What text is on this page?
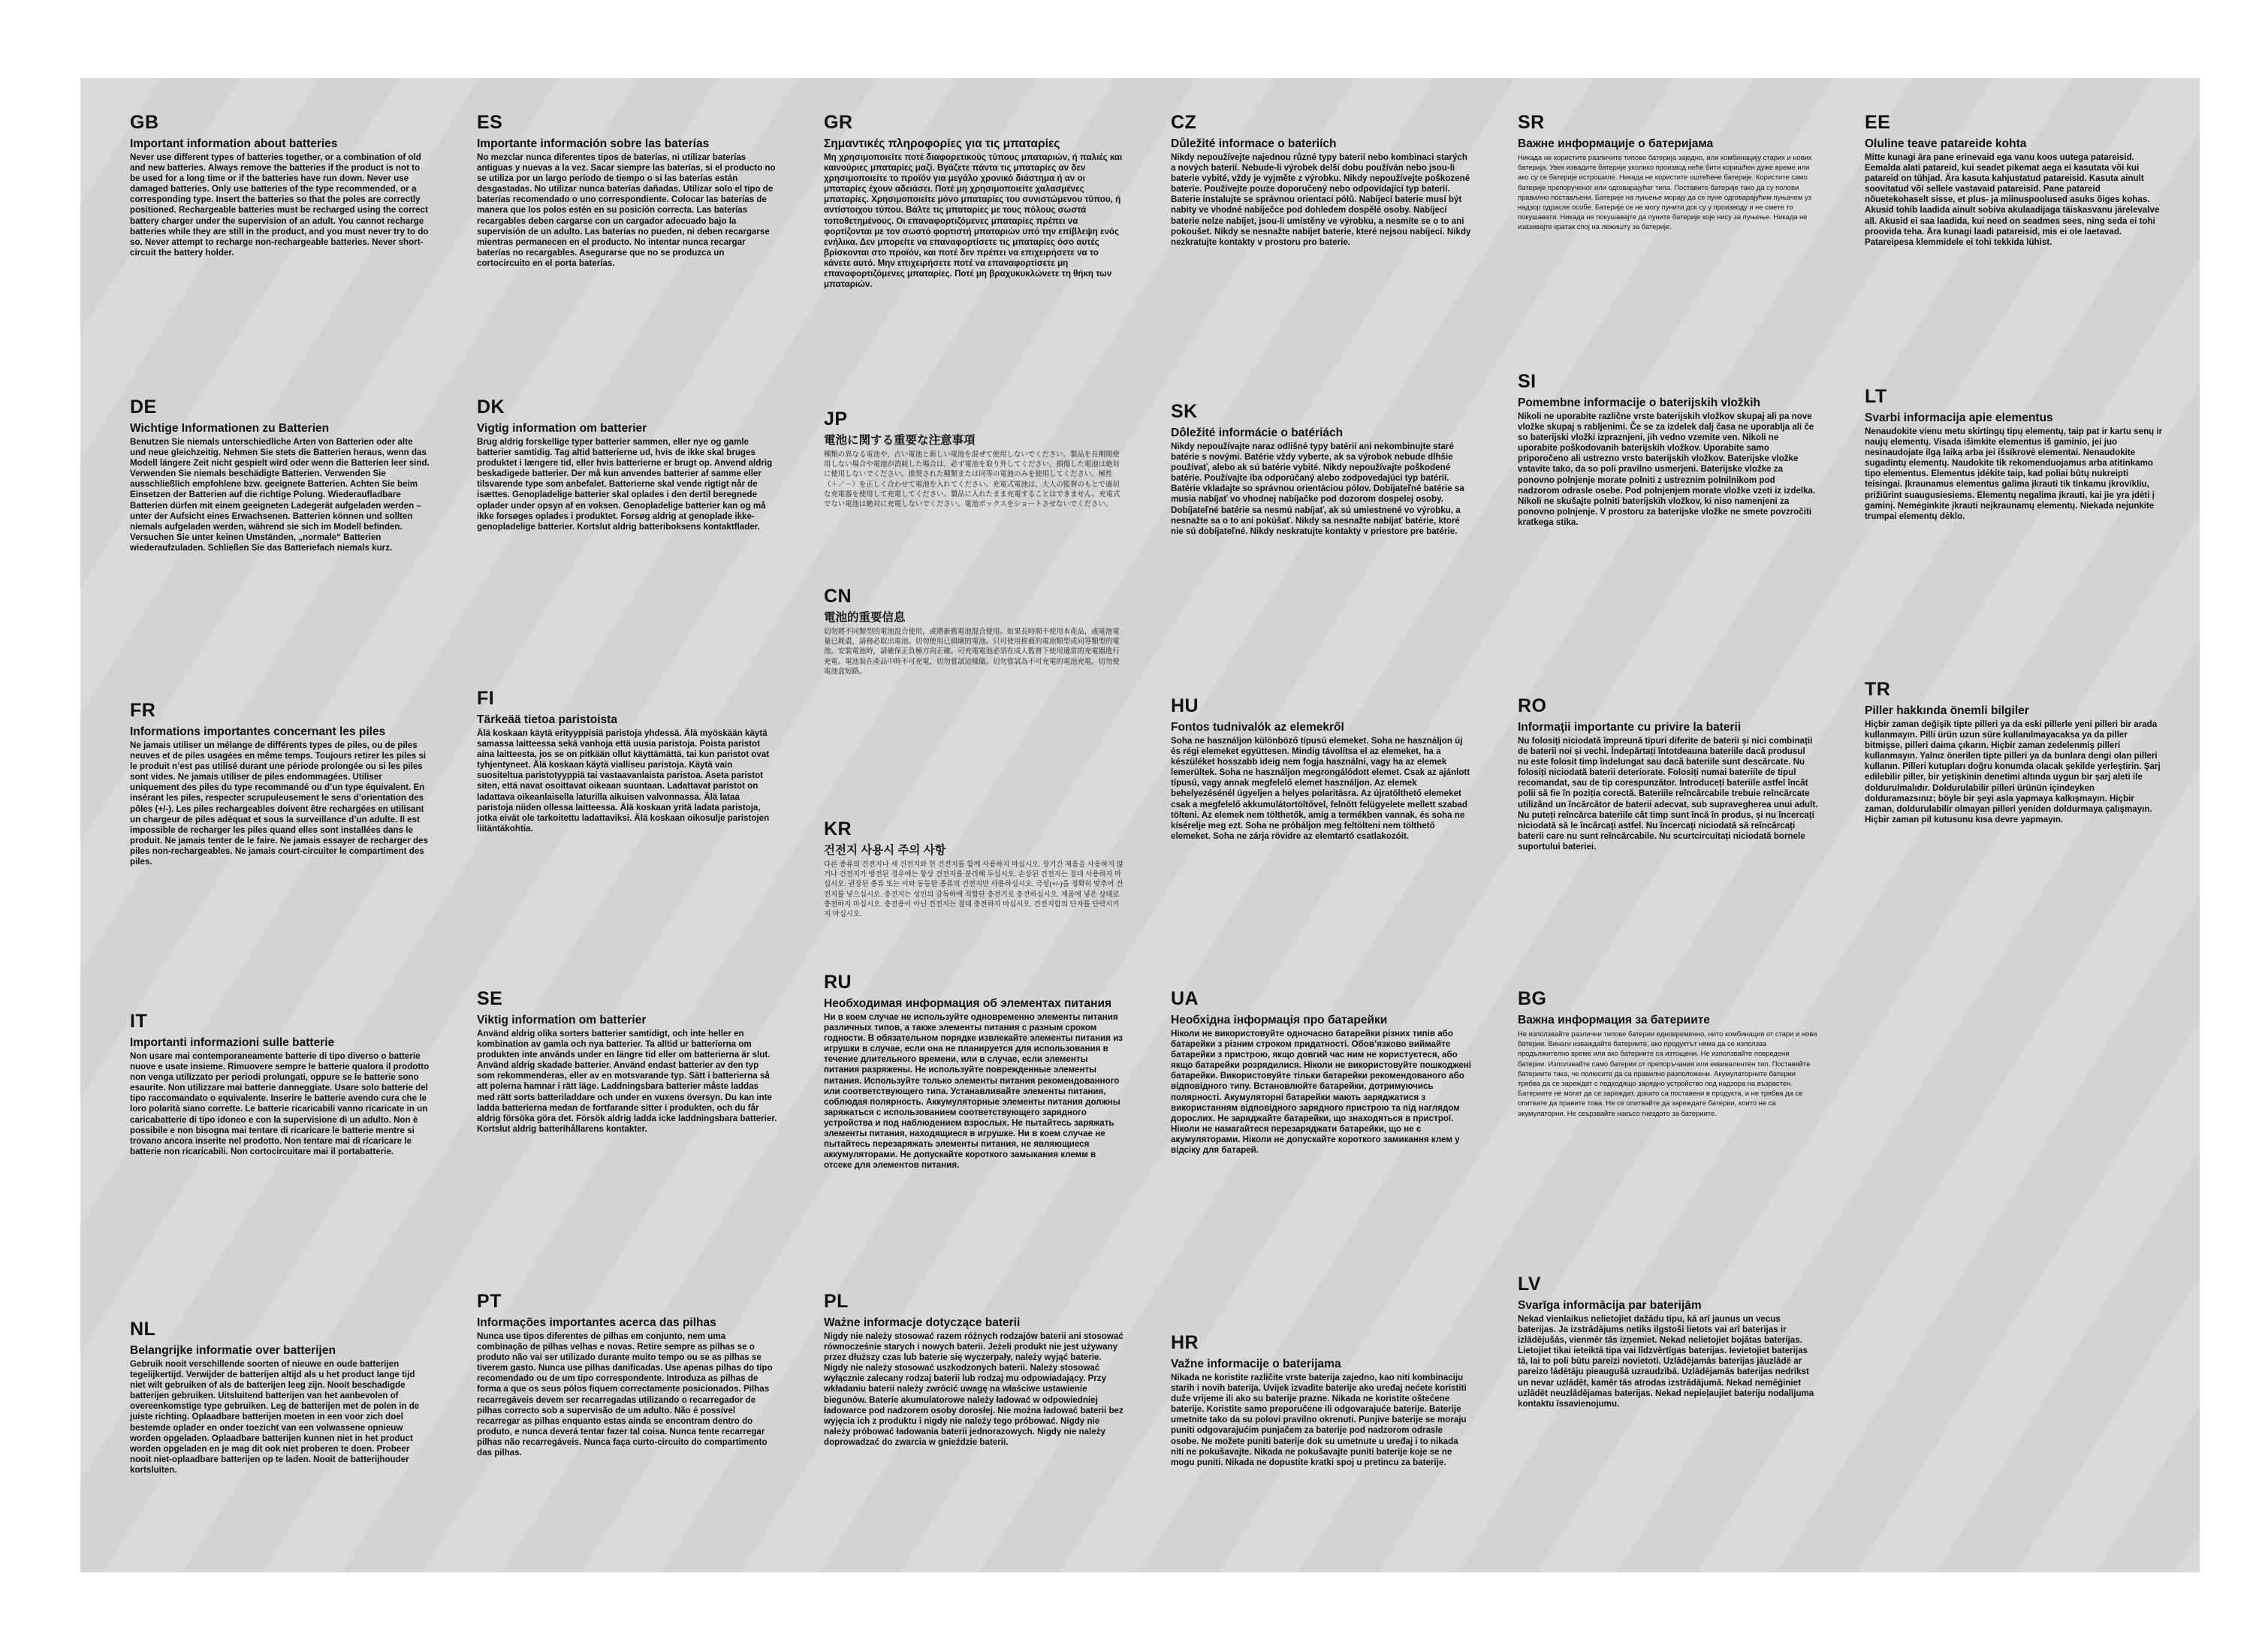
GB
Important information about batteries
Never use different types of batteries together, or a combination of old and new batteries. Always remove the batteries if the product is not to be used for a long time or if the batteries have run down. Never use damaged batteries. Only use batteries of the type recommended, or a corresponding type. Insert the batteries so that the poles are correctly positioned. Rechargeable batteries must be recharged using the correct battery charger under the supervision of an adult. You cannot recharge batteries while they are still in the product, and you must never try to do so. Never attempt to recharge non-rechargeable batteries. Never short-circuit the battery holder.
DE
Wichtige Informationen zu Batterien
Benutzen Sie niemals unterschiedliche Arten von Batterien oder alte und neue gleichzeitig. Nehmen Sie stets die Batterien heraus, wenn das Modell längere Zeit nicht gespielt wird oder wenn die Batterien leer sind. Verwenden Sie niemals beschädigte Batterien. Verwenden Sie ausschließlich empfohlene bzw. geeignete Batterien. Achten Sie beim Einsetzen der Batterien auf die richtige Polung. Wiederaufladbare Batterien dürfen mit einem geeigneten Ladegerät aufgeladen werden – unter der Aufsicht eines Erwachsenen. Batterien können und sollten niemals aufgeladen werden, während sie sich im Modell befinden. Versuchen Sie unter keinen Umständen, „normale“ Batterien wiederaufzuladen. Schließen Sie das Batteriefach niemals kurz.
FR
Informations importantes concernant les piles
Ne jamais utiliser un mélange de différents types de piles, ou de piles neuves et de piles usagées en même temps. Toujours retirer les piles si le produit n’est pas utilisé durant une période prolongée ou si les piles sont vides. Ne jamais utiliser de piles endommagées. Utiliser uniquement des piles du type recommandé ou d’un type équivalent. En insérant les piles, respecter scrupuleusement le sens d’orientation des pôles (+/-). Les piles rechargeables doivent être rechargées en utilisant un chargeur de piles adéquat et sous la surveillance d’un adulte. Il est impossible de recharger les piles quand elles sont installées dans le produit. Ne jamais tenter de le faire. Ne jamais essayer de recharger des piles non-rechargeables. Ne jamais court-circuiter le compartiment des piles.
IT
Importanti informazioni sulle batterie
Non usare mai contemporaneamente batterie di tipo diverso o batterie nuove e usate insieme. Rimuovere sempre le batterie qualora il prodotto non venga utilizzato per periodi prolungati, oppure se le batterie sono esaurite. Non utilizzare mai batterie danneggiate. Usare solo batterie del tipo raccomandato o equivalente. Inserire le batterie avendo cura che le loro polarità siano corrette. Le batterie ricaricabili vanno ricaricate in un caricabatterie di tipo idoneo e con la supervisione di un adulto. Non è possibile e non bisogna mai tentare di ricaricare le batterie mentre si trovano ancora inserite nel prodotto. Non tentare mai di ricaricare le batterie non ricaricabili. Non cortocircuitare mai il portabatterie.
NL
Belangrijke informatie over batterijen
Gebruik nooit verschillende soorten of nieuwe en oude batterijen tegelijkertijd. Verwijder de batterijen altijd als u het product lange tijd niet wilt gebruiken of als de batterijen leeg zijn. Nooit beschadigde batterijen gebruiken. Uitsluitend batterijen van het aanbevolen of overeenkomstige type gebruiken. Leg de batterijen met de polen in de juiste richting. Oplaadbare batterijen moeten in een voor zich doel bestemde oplader en onder toezicht van een volwassene opnieuw worden opgeladen. Oplaadbare batterijen kunnen niet in het product worden opgeladen en je mag dit ook niet proberen te doen. Probeer nooit niet-oplaadbare batterijen op te laden. Nooit de batterijhouder kortsluiten.
ES
Importante información sobre las baterías
No mezclar nunca diferentes tipos de baterías, ni utilizar baterías antiguas y nuevas a la vez. Sacar siempre las baterías, si el producto no se utiliza por un largo período de tiempo o si las baterías están desgastadas. No utilizar nunca baterías dañadas. Utilizar solo el tipo de baterías recomendado o uno correspondiente. Colocar las baterías de manera que los polos estén en su posición correcta. Las baterías recargables deben cargarse con un cargador adecuado bajo la supervisión de un adulto. Las baterías no pueden, ni deben recargarse mientras permanecen en el producto. No intentar nunca recargar baterías no recargables. Asegurarse que no se produzca un cortocircuito en el porta baterías.
DK
Vigtig information om batterier
Brug aldrig forskellige typer batterier sammen, eller nye og gamle batterier samtidig. Tag altid batterierne ud, hvis de ikke skal bruges produktet i længere tid, eller hvis batterierne er brugt op. Anvend aldrig beskadigede batterier. Der må kun anvendes batterier af samme eller tilsvarende type som anbefalet. Batterierne skal vende rigtigt når de isættes. Genopladelige batterier skal oplades i den dertil beregnede oplader under opsyn af en voksen. Genopladelige batterier kan og må ikke forsøges oplades i produktet. Forsøg aldrig at genoplade ikke-genopladelige batterier. Kortslut aldrig batteriboksens kontaktflader.
FI
Tärkeää tietoa paristoista
Älä koskaan käytä erityyppisiä paristoja yhdessä. Älä myöskään käytä samassa laitteessa sekä vanhoja että uusia paristoja. Poista paristot aina laitteesta, jos se on pitkään ollut käyttämättä, tai kun paristot ovat tyhjentyneet. Älä koskaan käytä vialliseu paristoja. Käytä vain suositeltua paristotyyppiä tai vastaavanlaista paristoa. Aseta paristot siten, että navat osoittavat oikeaan suuntaan. Ladattavat paristot on ladattava oikeanlaisella laturilla aikuisen valvonnassa. Älä lataa paristoja niiden ollessa laitteessa. Älä koskaan yritä ladata paristoja, jotka eivät ole tarkoitettu ladattaviksi. Älä koskaan oikosulje paristojen liitäntäkohtia.
SE
Viktig information om batterier
Använd aldrig olika sorters batterier samtidigt, och inte heller en kombination av gamla och nya batterier. Ta alltid ur batterierna om produkten inte används under en längre tid eller om batterierna är slut. Använd aldrig skadade batterier. Använd endast batterier av den typ som rekommenderas, eller av en motsvarande typ. Sätt i batterierna så att polerna hamnar i rätt läge. Laddningsbara batterier måste laddas med rätt sorts batteriladdare och under en vuxens översyn. Du kan inte ladda batterierna medan de fortfarande sitter i produkten, och du får aldrig försöka göra det. Försök aldrig ladda icke laddningsbara batterier. Kortslut aldrig batterihållarens kontakter.
PT
Informações importantes acerca das pilhas
Nunca use tipos diferentes de pilhas em conjunto, nem uma combinação de pilhas velhas e novas. Retire sempre as pilhas se o produto não vai ser utilizado durante muito tempo ou se as pilhas se tiverem gasto. Nunca use pilhas danificadas. Use apenas pilhas do tipo recomendado ou de um tipo correspondente. Introduza as pilhas de forma a que os seus pólos fiquem correctamente posicionados. Pilhas recarregáveis devem ser recarregadas utilizando o recarregador de pilhas correcto sob a supervisão de um adulto. Não é possível recarregar as pilhas enquanto estas ainda se encontram dentro do produto, e nunca deverá tentar fazer tal coisa. Nunca tente recarregar pilhas não recarregáveis. Nunca faça curto-circuito do compartimento das pilhas.
GR
Σημαντικές πληροφορίες για τις μπαταρίες
Μη χρησιμοποιείτε ποτέ διαφορετικούς τύπους μπαταριών, ή παλιές και καινούριες μπαταρίες μαζί. Βγάζετε πάντα τις μπαταρίες αν δεν χρησιμοποιείτε το προϊόν για μεγάλο χρονικό διάστημα ή αν οι μπαταρίες έχουν αδειάσει. Ποτέ μη χρησιμοποιείτε χαλασμένες μπαταρίες. Χρησιμοποιείτε μόνο μπαταρίες του συνιστώμενου τύπου, ή αντίστοιχου τύπου. Βάλτε τις μπαταρίες με τους πόλους σωστά τοποθετημένους. Οι επαναφορτιζόμενες μπαταρίες πρέπει να φορτίζονται με τον σωστό φορτιστή μπαταριών υπό την επίβλεψη ενός ενήλικα. Δεν μπορείτε να επαναφορτίσετε τις μπαταρίες όσο αυτές βρίσκονται στο προϊόν, και ποτέ δεν πρέπει να επιχειρήσετε να το κάνετε αυτό. Μην επιχειρήσετε ποτέ να επαναφορτίσετε μη επαναφορτιζόμενες μπαταρίες. Ποτέ μη βραχυκυκλώνετε τη θήκη των μπαταριών.
JP
電池に関する重要な注意事項
種類の異なる電池や、古い電池と新しい電池を混ぜて使用しないでください。製品を長期間使用しない場合や電池が消耗した場合は、必ず電池を取り外してください。損傷した電池は絶対に使用しないでください。推奨された種類または同等の電池のみを使用してください。極性（＋／－）を正しく合わせて電池を入れてください。充電式電池は、大人の監督のもとで適切な充電器を使用して充電してください。製品に入れたまま充電することはできません。充電式でない電池は絶対に充電しないでください。電池ボックスをショートさせないでください。
CN
電池的重要信息
切勿將不同類型的電池混合使用，或將新舊電池混合使用。如果長時間不使用本產品，或電池電量已耗盡，請務必取出電池。切勿使用已損壞的電池。只可使用推薦的電池類型或同等類型的電池。安裝電池時，請確保正負極方向正確。可充電電池必須在成人監督下使用適當的充電器進行充電。電池裝在產品中時不可充電，切勿嘗試這樣做。切勿嘗試為不可充電的電池充電。切勿使電池盒短路。
KR
건전지 사용시 주의 사항
다른 종류의 건전지나 새 건전지와 헌 건전지를 함께 사용하지 마십시오. 장기간 제품을 사용하지 않거나 건전지가 방전된 경우에는 항상 건전지를 분리해 두십시오. 손상된 건전지는 절대 사용하지 마십시오. 권장된 종류 또는 이와 동등한 종류의 건전지만 사용하십시오. 극성(+/-)을 정확히 맞추어 건전지를 넣으십시오. 충전지는 성인의 감독하에 적합한 충전기로 충전하십시오. 제품에 넣은 상태로 충전하지 마십시오. 충전용이 아닌 건전지는 절대 충전하지 마십시오. 건전지함의 단자를 단락시키지 마십시오.
RU
Необходимая информация об элементах питания
Ни в коем случае не используйте одновременно элементы питания различных типов, а также элементы питания с разным сроком годности. В обязательном порядке извлекайте элементы питания из игрушки в случае, если она не планируется для использования в течение длительного времени, или в случае, если элементы питания разряжены. Не используйте поврежденные элементы питания. Используйте только элементы питания рекомендованного или соответствующего типа. Устанавливайте элементы питания, соблюдая полярность. Аккумуляторные элементы питания должны заряжаться с использованием соответствующего зарядного устройства и под наблюдением взрослых. Не пытайтесь заряжать элементы питания, находящиеся в игрушке. Ни в коем случае не пытайтесь перезаряжать элементы питания, не являющиеся аккумуляторами. Не допускайте короткого замыкания клемм в отсеке для элементов питания.
PL
Ważne informacje dotyczące baterii
Nigdy nie należy stosować razem różnych rodzajów baterii ani stosować równocześnie starych i nowych baterii. Jeżeli produkt nie jest używany przez dłuższy czas lub baterie się wyczerpały, należy wyjąć baterie. Nigdy nie należy stosować uszkodzonych baterii. Należy stosować wyłącznie zalecany rodzaj baterii lub rodzaj mu odpowiadający. Przy wkładaniu baterii należy zwrócić uwagę na właściwe ustawienie biegunów. Baterie akumulatorowe należy ładować w odpowiedniej ładowarce pod nadzorem osoby dorosłej. Nie można ładować baterii bez wyjęcia ich z produktu i nigdy nie należy tego próbować. Nigdy nie należy próbować ładowania baterii jednorazowych. Nigdy nie należy doprowadzać do zwarcia w gnieździe baterii.
CZ
Důležité informace o bateriích
Nikdy nepoužívejte najednou různé typy baterií nebo kombinaci starých a nových baterií. Nebude-li výrobek delší dobu používán nebo jsou-li baterie vybité, vždy je vyjměte z výrobku. Nikdy nepoužívejte poškozené baterie. Používejte pouze doporučený nebo odpovídající typ baterií. Baterie instalujte se správnou orientací pólů. Nabíjecí baterie musí být nabity ve vhodné nabíječce pod dohledem dospělé osoby. Nabíjecí baterie nelze nabíjet, jsou-li umístěny ve výrobku, a nesmíte se o to ani pokoušet. Nikdy se nesnažte nabíjet baterie, které nejsou nabíjecí. Nikdy nezkratujte kontakty v prostoru pro baterie.
SK
Dôležité informácie o batériách
Nikdy nepoužívajte naraz odlišné typy batérií ani nekombinujte staré batérie s novými. Batérie vždy vyberte, ak sa výrobok nebude dlhšie používať, alebo ak sú batérie vybité. Nikdy nepoužívajte poškodené batérie. Používajte iba odporúčaný alebo zodpovedajúci typ batérií. Batérie vkladajte so správnou orientáciou pólov. Dobíjateľné batérie sa musia nabíjať vo vhodnej nabíjačke pod dozorom dospelej osoby. Dobíjateľné batérie sa nesmú nabíjať, ak sú umiestnené vo výrobku, a nesnažte sa o to ani pokúšať. Nikdy sa nesnažte nabíjať batérie, ktoré nie sú dobíjateľné. Nikdy neskratujte kontakty v priestore pre batérie.
HU
Fontos tudnivalók az elemekről
Soha ne használjon különböző típusú elemeket. Soha ne használjon új és régi elemeket együttesen. Mindig távolítsa el az elemeket, ha a készüléket hosszabb ideig nem fogja használni, vagy ha az elemek lemerültek. Soha ne használjon megrongálódott elemet. Csak az ajánlott típusú, vagy annak megfelelő elemet használjon. Az elemek behelyezésénél ügyeljen a helyes polaritásra. Az újratölthető elemeket csak a megfelelő akkumulátortöltővel, felnőtt felügyelete mellett szabad tölteni. Az elemek nem tölthetők, amíg a termékben vannak, és soha ne kísérelje meg ezt. Soha ne próbáljon meg feltölteni nem tölthető elemeket. Soha ne zárja rövidre az elemtartó csatlakozóit.
UA
Необхідна інформація про батарейки
Ніколи не використовуйте одночасно батарейки різних типів або батарейки з різним строком придатності. Обов’язково виймайте батарейки з пристрою, якщо довгий час ним не користуєтеся, або якщо батарейки розрядилися. Ніколи не використовуйте пошкоджені батарейки. Використовуйте тільки батарейки рекомендованого або відповідного типу. Встановлюйте батарейки, дотримуючись полярності. Акумуляторні батарейки мають заряджатися з використанням відповідного зарядного пристрою та під наглядом дорослих. Не заряджайте батарейки, що знаходяться в пристрої. Ніколи не намагайтеся перезаряджати батарейки, що не є акумуляторами. Ніколи не допускайте короткого замикання клем у відсіку для батарей.
HR
Važne informacije o baterijama
Nikada ne koristite različite vrste baterija zajedno, kao niti kombinaciju starih i novih baterija. Uvijek izvadite baterije ako uređaj nećete koristiti duže vrijeme ili ako su baterije prazne. Nikada ne koristite oštećene baterije. Koristite samo preporučene ili odgovarajuće baterije. Baterije umetnite tako da su polovi pravilno okrenuti. Punjive baterije se moraju puniti odgovarajućim punjačem za baterije pod nadzorom odrasle osobe. Ne možete puniti baterije dok su umetnute u uređaj i to nikada niti ne pokušavajte. Nikada ne pokušavajte puniti baterije koje se ne mogu puniti. Nikada ne dopustite kratki spoj u pretincu za baterije.
SR
Важне информације о батеријама
Никада не користите различите типове батерија заједно, или комбинацију старих и нових батерија. Увек извадите батерије уколико производ неће бити коришћен дуже време или ако су се батерије истрошиле. Никада не користите оштећене батерије. Користите само батерије препорученог или одговарајућег типа. Поставите батерије тако да су полови правилно постављени. Батерије на пуњење морају да се пуне одговарајућим пуњачем уз надзор одрасле особе. Батерије се не могу пунити док су у производу и не смете то покушавати. Никада не покушавајте да пуните батерије које нису за пуњење. Никада не изазивајте кратак спој на лежишту за батерије.
SI
Pomembne informacije o baterijskih vložkih
Nikoli ne uporabite različne vrste baterijskih vložkov skupaj ali pa nove vložke skupaj s rabljenimi. Če se za izdelek dalj časa ne uporablja ali če so baterijski vložki izpraznjeni, jih vedno vzemite ven. Nikoli ne uporabite poškodovanih baterijskih vložkov. Uporabite samo priporočeno ali ustrezno vrsto baterijskih vložkov. Baterijske vložke vstavite tako, da so poli pravilno usmerjeni. Baterijske vložke za ponovno polnjenje morate polniti z ustreznim polnilnikom pod nadzorom odrasle osebe. Pod polnjenjem morate vložke vzeti iz izdelka. Nikoli ne skušajte polniti baterijskih vložkov, ki niso namenjeni za ponovno polnjenje. V prostoru za baterijske vložke ne smete povzročiti kratkega stika.
RO
Informații importante cu privire la baterii
Nu folosiți niciodată împreună tipuri diferite de baterii și nici combinații de baterii noi și vechi. Îndepărtați întotdeauna bateriile dacă produsul nu este folosit timp îndelungat sau dacă bateriile sunt descărcate. Nu folosiți niciodată baterii deteriorate. Folosiți numai bateriile de tipul recomandat, sau de tip corespunzător. Introduceți bateriile astfel încât polii să fie în poziția corectă. Bateriile reîncărcabile trebuie reîncărcate utilizând un încărcător de baterii adecvat, sub supravegherea unui adult. Nu puteți reîncărca bateriile cât timp sunt încă în produs, și nu încercați niciodată să le încărcați astfel. Nu încercați niciodată să reîncărcați baterii care nu sunt reîncărcabile. Nu scurtcircuitați niciodată bornele suportului bateriei.
BG
Важна информация за батериите
Не използвайте различни типове батерии едновременно, нито комбинация от стари и нови батерии. Винаги изваждайте батериите, ако продуктът няма да се използва продължително време или ако батериите са изтощени. Не използвайте повредени батерии. Използвайте само батерии от препоръчания или еквивалентен тип. Поставяйте батериите така, че полюсите да са правилно разположени. Акумулаторните батерии трябва да се зареждат с подходящо зарядно устройство под надзора на възрастен. Батериите не могат да се зареждат, докато са поставени в продукта, и не трябва да се опитвате да правите това. Не се опитвайте да зареждате батерии, които не са акумулаторни. Не свързвайте накъсо гнездото за батериите.
LV
Svarīga informācija par baterijām
Nekad vienlaikus nelietojiet dažādu tipu, kā arī jaunus un vecus baterijas. Ja izstrādājums netiks ilgstoši lietots vai arī baterijas ir izlādējušās, vienmēr tās izņemiet. Nekad nelietojiet bojātas baterijas. Lietojiet tikai ieteiktā tipa vai līdzvērtīgas baterijas. Ievietojiet baterijas tā, lai to poli būtu pareizi novietoti. Uzlādējamās baterijas jāuzlādē ar pareizo lādētāju pieaugušā uzraudzībā. Uzlādējamās baterijas nedrīkst un nevar uzlādēt, kamēr tās atrodas izstrādājumā. Nekad nemēģiniet uzlādēt neuzlādējamas baterijas. Nekad nepieļaujiet bateriju nodalījuma kontaktu īssavienojumu.
EE
Oluline teave patareide kohta
Mitte kunagi ära pane erinevaid ega vanu koos uutega patareisid. Eemalda alati patareid, kui seadet pikemat aega ei kasutata või kui patareid on tühjad. Ära kasuta kahjustatud patareisid. Kasuta ainult soovitatud või sellele vastavaid patareisid. Pane patareid nõuetekohaselt sisse, et plus- ja miinuspoolused asuks õiges kohas. Akusid tohib laadida ainult sobiva akulaadijaga täiskasvanu järelevalve all. Akusid ei saa laadida, kui need on seadmes sees, ning seda ei tohi proovida teha. Ära kunagi laadi patareisid, mis ei ole laetavad. Patareipesa klemmidele ei tohi tekkida lühist.
LT
Svarbi informacija apie elementus
Nenaudokite vienu metu skirtingų tipų elementų, taip pat ir kartu senų ir naujų elementų. Visada išimkite elementus iš gaminio, jei juo nesinaudojate ilgą laiką arba jei išsikrovė elementai. Nenaudokite sugadintų elementų. Naudokite tik rekomenduojamus arba atitinkamo tipo elementus. Elementus įdėkite taip, kad poliai būtų nukreipti teisingai. Įkraunamus elementus galima įkrauti tik tinkamu įkrovikliu, prižiūrint suaugusiesiems. Elementų negalima įkrauti, kai jie yra įdėti į gaminį. Nemėginkite įkrauti neįkraunamų elementų. Niekada nejunkite trumpai elementų dėklo.
TR
Piller hakkında önemli bilgiler
Hiçbir zaman değişik tipte pilleri ya da eski pillerle yeni pilleri bir arada kullanmayın. Pilli ürün uzun süre kullanılmayacaksa ya da piller bitmişse, pilleri daima çıkarın. Hiçbir zaman zedelenmiş pilleri kullanmayın. Yalnız önerilen tipte pilleri ya da bunlara dengi olan pilleri kullanın. Pilleri kutupları doğru konumda olacak şekilde yerleştirin. Şarj edilebilir piller, bir yetişkinin denetimi altında uygun bir şarj aleti ile doldurulmalıdır. Doldurulabilir pilleri ürünün içindeyken dolduramazsınız; böyle bir şeyi asla yapmaya kalkışmayın. Hiçbir zaman, doldurulabilir olmayan pilleri yeniden doldurmaya çalışmayın. Hiçbir zaman pil kutusunu kısa devre yapmayın.
